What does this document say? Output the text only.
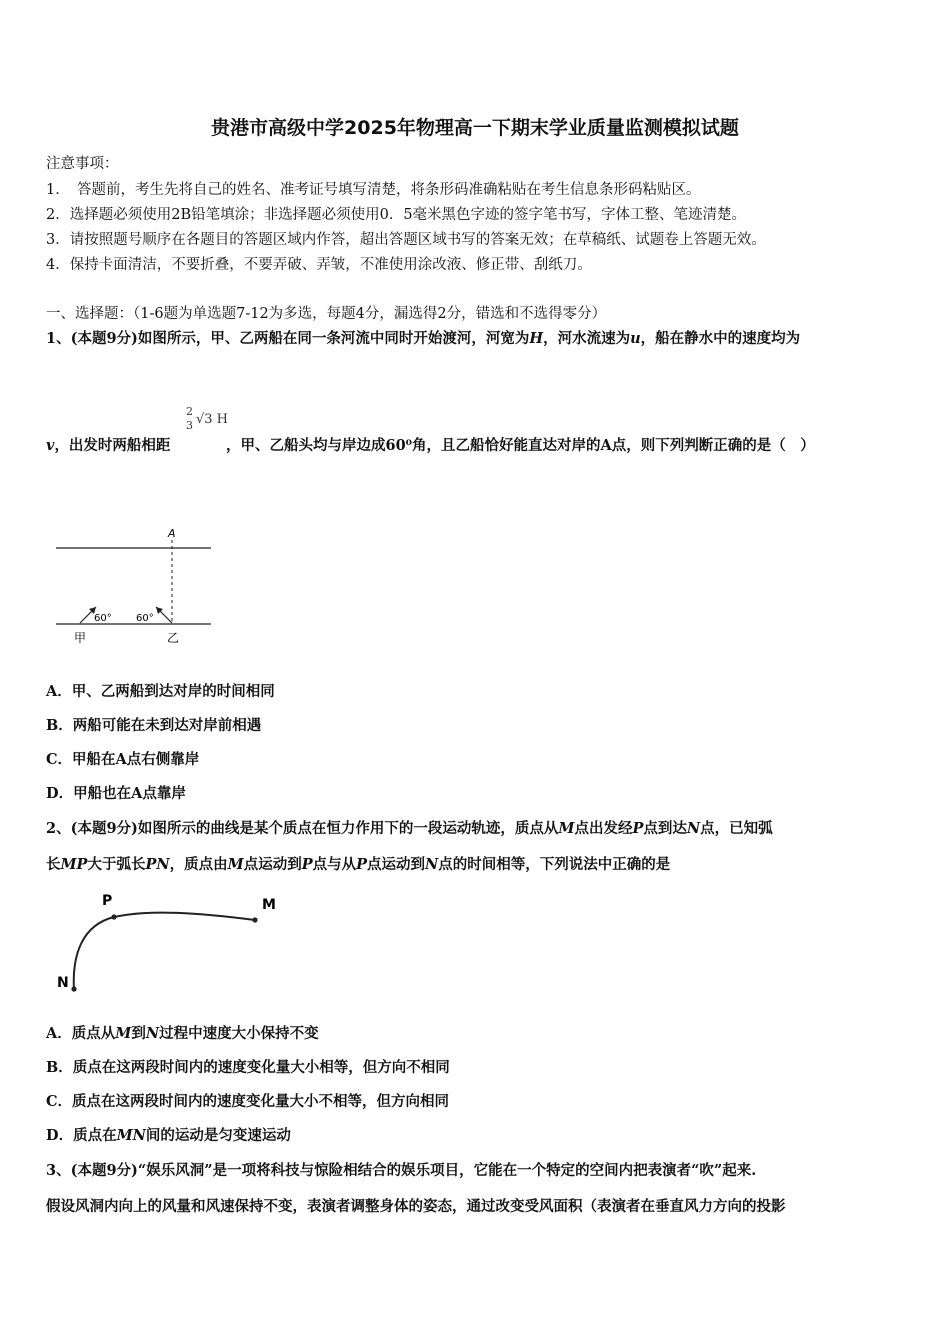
贵港市高级中学2025年物理高一下期末学业质量监测模拟试题
注意事项：
1．　答题前，考生先将自己的姓名、准考证号填写清楚，将条形码准确粘贴在考生信息条形码粘贴区。
2．选择题必须使用2B铅笔填涂；非选择题必须使用0．5毫米黑色字迹的签字笔书写，字体工整、笔迹清楚。
3．请按照题号顺序在各题目的答题区域内作答，超出答题区域书写的答案无效；在草稿纸、试题卷上答题无效。
4．保持卡面清洁，不要折叠，不要弄破、弄皱，不准使用涂改液、修正带、刮纸刀。
一、选择题：（1-6题为单选题7-12为多选，每题4分，漏选得2分，错选和不选得零分）
1、(本题9分)如图所示，甲、乙两船在同一条河流中同时开始渡河，河宽为H，河水流速为u，船在静水中的速度均为
2
3 √3 H
v，出发时两船相距	，甲、乙船头均与岸边成60⁰角，且乙船恰好能直达对岸的A点，则下列判断正确的是（　）
A
60° 60°
甲	乙
A．甲、乙两船到达对岸的时间相同
B．两船可能在未到达对岸前相遇
C．甲船在A点右侧靠岸
D．甲船也在A点靠岸
2、(本题9分)如图所示的曲线是某个质点在恒力作用下的一段运动轨迹，质点从M点出发经P点到达N点，已知弧
长MP大于弧长PN，质点由M点运动到P点与从P点运动到N点的时间相等，下列说法中正确的是
P	M
N
A．质点从M到N过程中速度大小保持不变
B．质点在这两段时间内的速度变化量大小相等，但方向不相同
C．质点在这两段时间内的速度变化量大小不相等，但方向相同
D．质点在MN间的运动是匀变速运动
3、(本题9分)“娱乐风洞”是一项将科技与惊险相结合的娱乐项目，它能在一个特定的空间内把表演者“吹”起来.
假设风洞内向上的风量和风速保持不变，表演者调整身体的姿态，通过改变受风面积（表演者在垂直风力方向的投影
